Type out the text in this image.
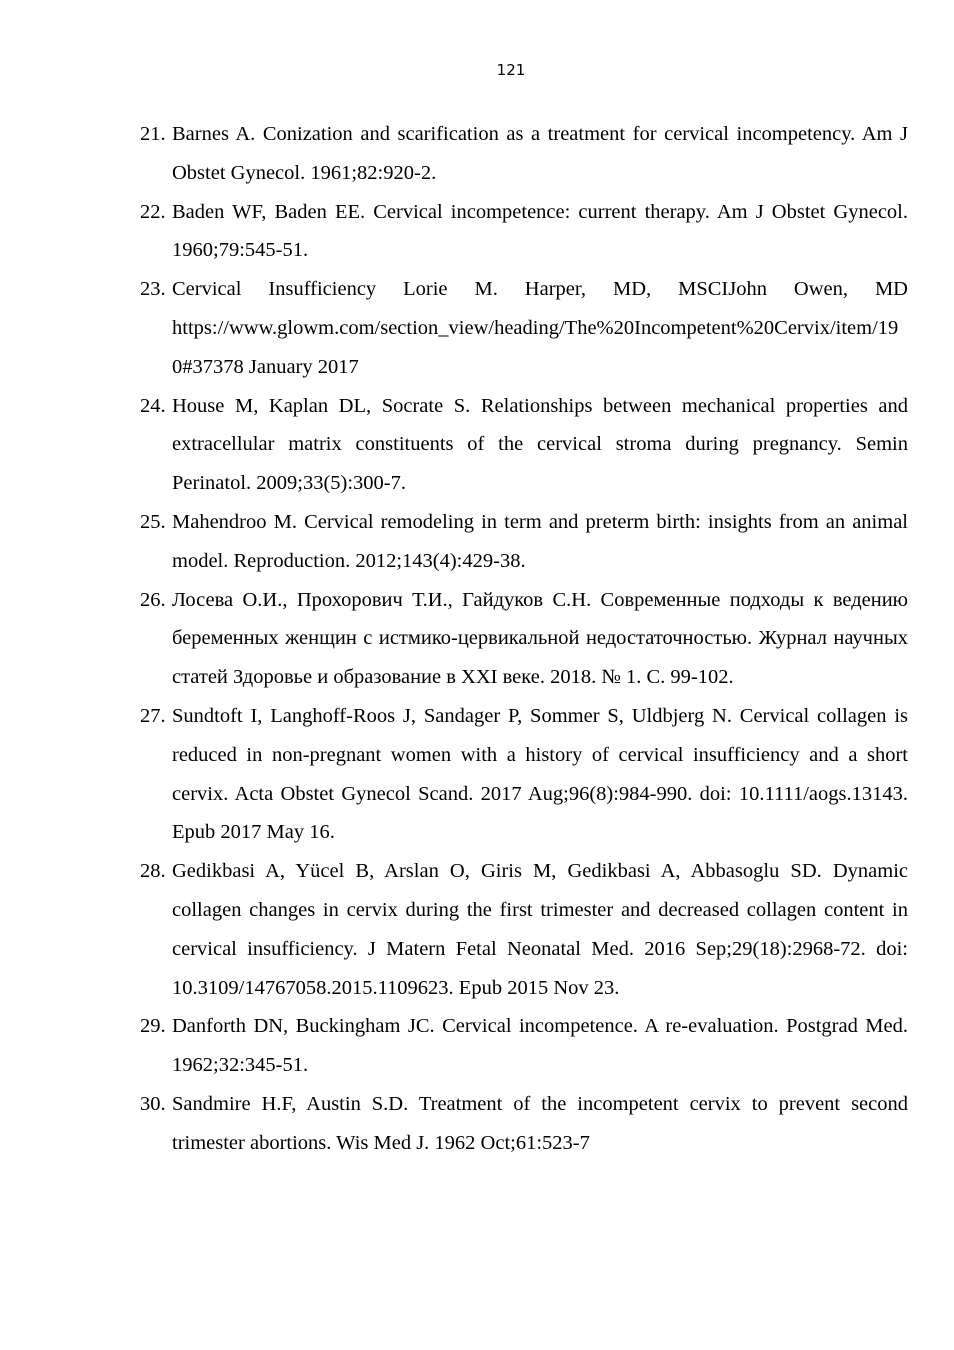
121
21. Barnes A. Conization and scarification as a treatment for cervical incompetency. Am J Obstet Gynecol. 1961;82:920-2.
22. Baden WF, Baden EE. Cervical incompetence: current therapy. Am J Obstet Gynecol. 1960;79:545-51.
23. Cervical Insufficiency Lorie M. Harper, MD, MSCIJohn Owen, MD https://www.glowm.com/section_view/heading/The%20Incompetent%20Cervix/item/190#37378 January 2017
24. House M, Kaplan DL, Socrate S. Relationships between mechanical properties and extracellular matrix constituents of the cervical stroma during pregnancy. Semin Perinatol. 2009;33(5):300-7.
25. Mahendroo M. Cervical remodeling in term and preterm birth: insights from an animal model. Reproduction. 2012;143(4):429-38.
26. Лосева О.И., Прохорович Т.И., Гайдуков С.Н. Современные подходы к ведению беременных женщин с истмико-цервикальной недостаточностью. Журнал научных статей Здоровье и образование в XXI веке. 2018. № 1. С. 99-102.
27. Sundtoft I, Langhoff-Roos J, Sandager P, Sommer S, Uldbjerg N. Cervical collagen is reduced in non-pregnant women with a history of cervical insufficiency and a short cervix. Acta Obstet Gynecol Scand. 2017 Aug;96(8):984-990. doi: 10.1111/aogs.13143. Epub 2017 May 16.
28. Gedikbasi A, Yücel B, Arslan O, Giris M, Gedikbasi A, Abbasoglu SD. Dynamic collagen changes in cervix during the first trimester and decreased collagen content in cervical insufficiency. J Matern Fetal Neonatal Med. 2016 Sep;29(18):2968-72. doi: 10.3109/14767058.2015.1109623. Epub 2015 Nov 23.
29. Danforth DN, Buckingham JC. Cervical incompetence. A re-evaluation. Postgrad Med. 1962;32:345-51.
30. Sandmire H.F, Austin S.D. Treatment of the incompetent cervix to prevent second trimester abortions. Wis Med J. 1962 Oct;61:523-7
